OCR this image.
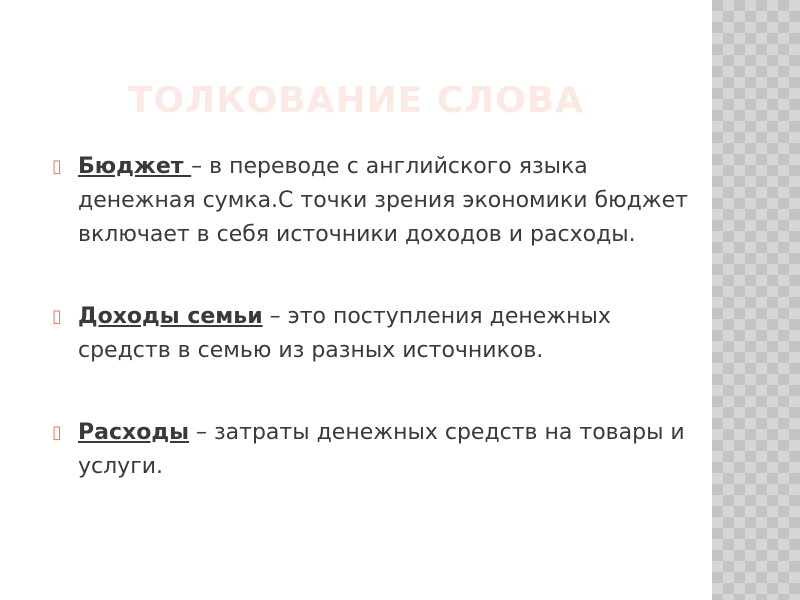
ТОЛКОВАНИЕ СЛОВА
▯ Бюджет – в переводе с английского языка денежная сумка.С точки зрения экономики бюджет включает в себя источники доходов и расходы.
▯ Доходы семьи – это поступления денежных средств в семью из разных источников.
▯ Расходы – затраты денежных средств на товары и услуги.
